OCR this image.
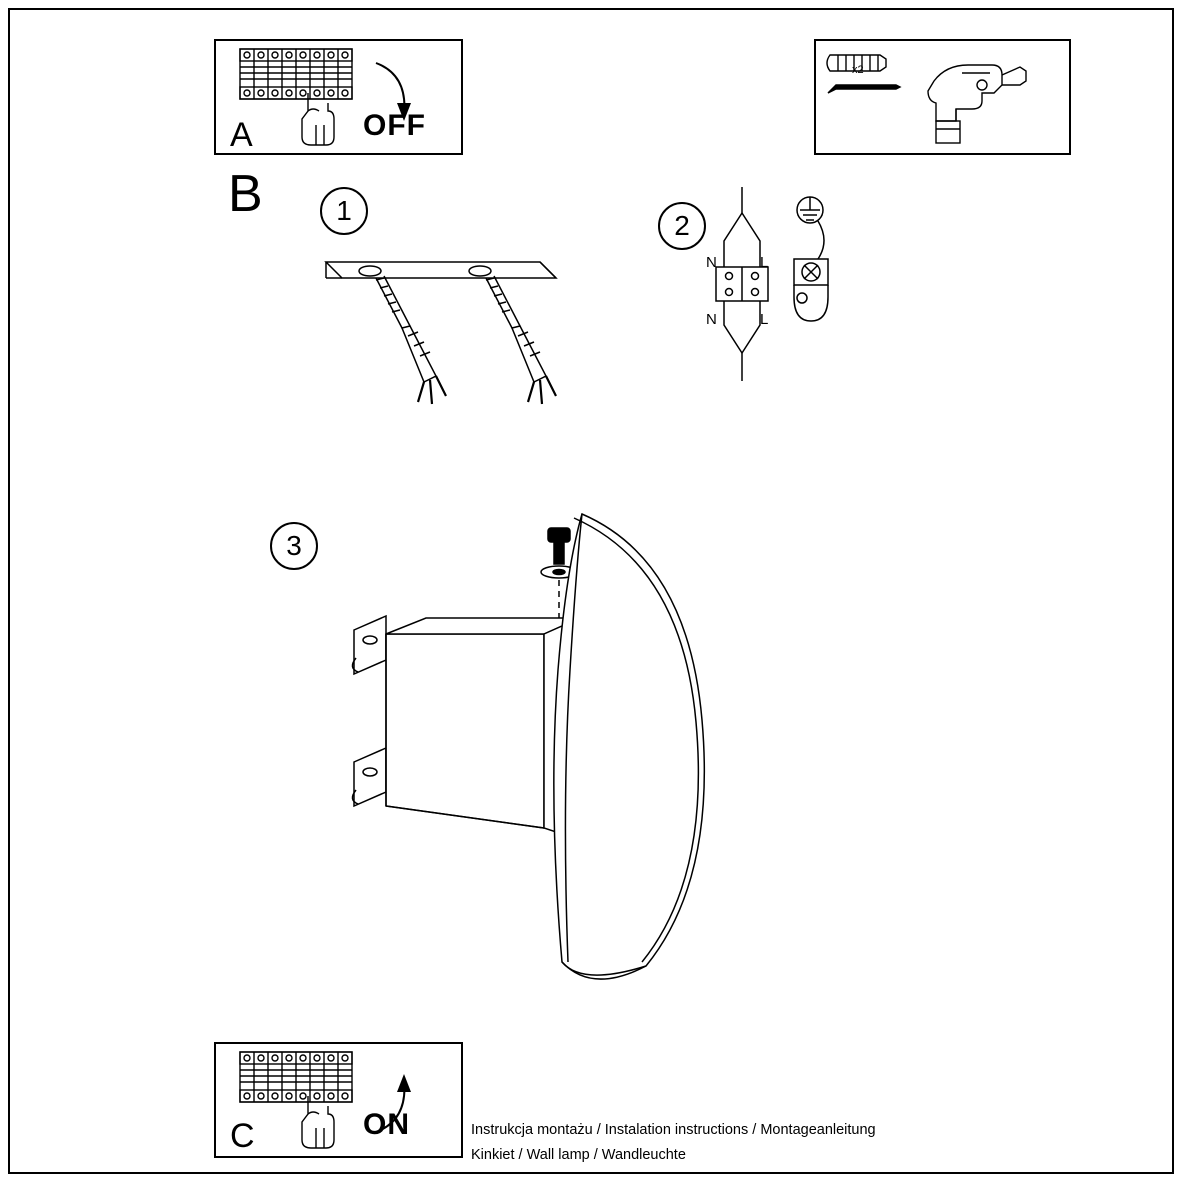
A	OFF
x2
B	1	2
N	L
N	L
3
C	ON	Instrukcja montażu / Instalation instructions / Montageanleitung
Kinkiet / Wall lamp / Wandleuchte
